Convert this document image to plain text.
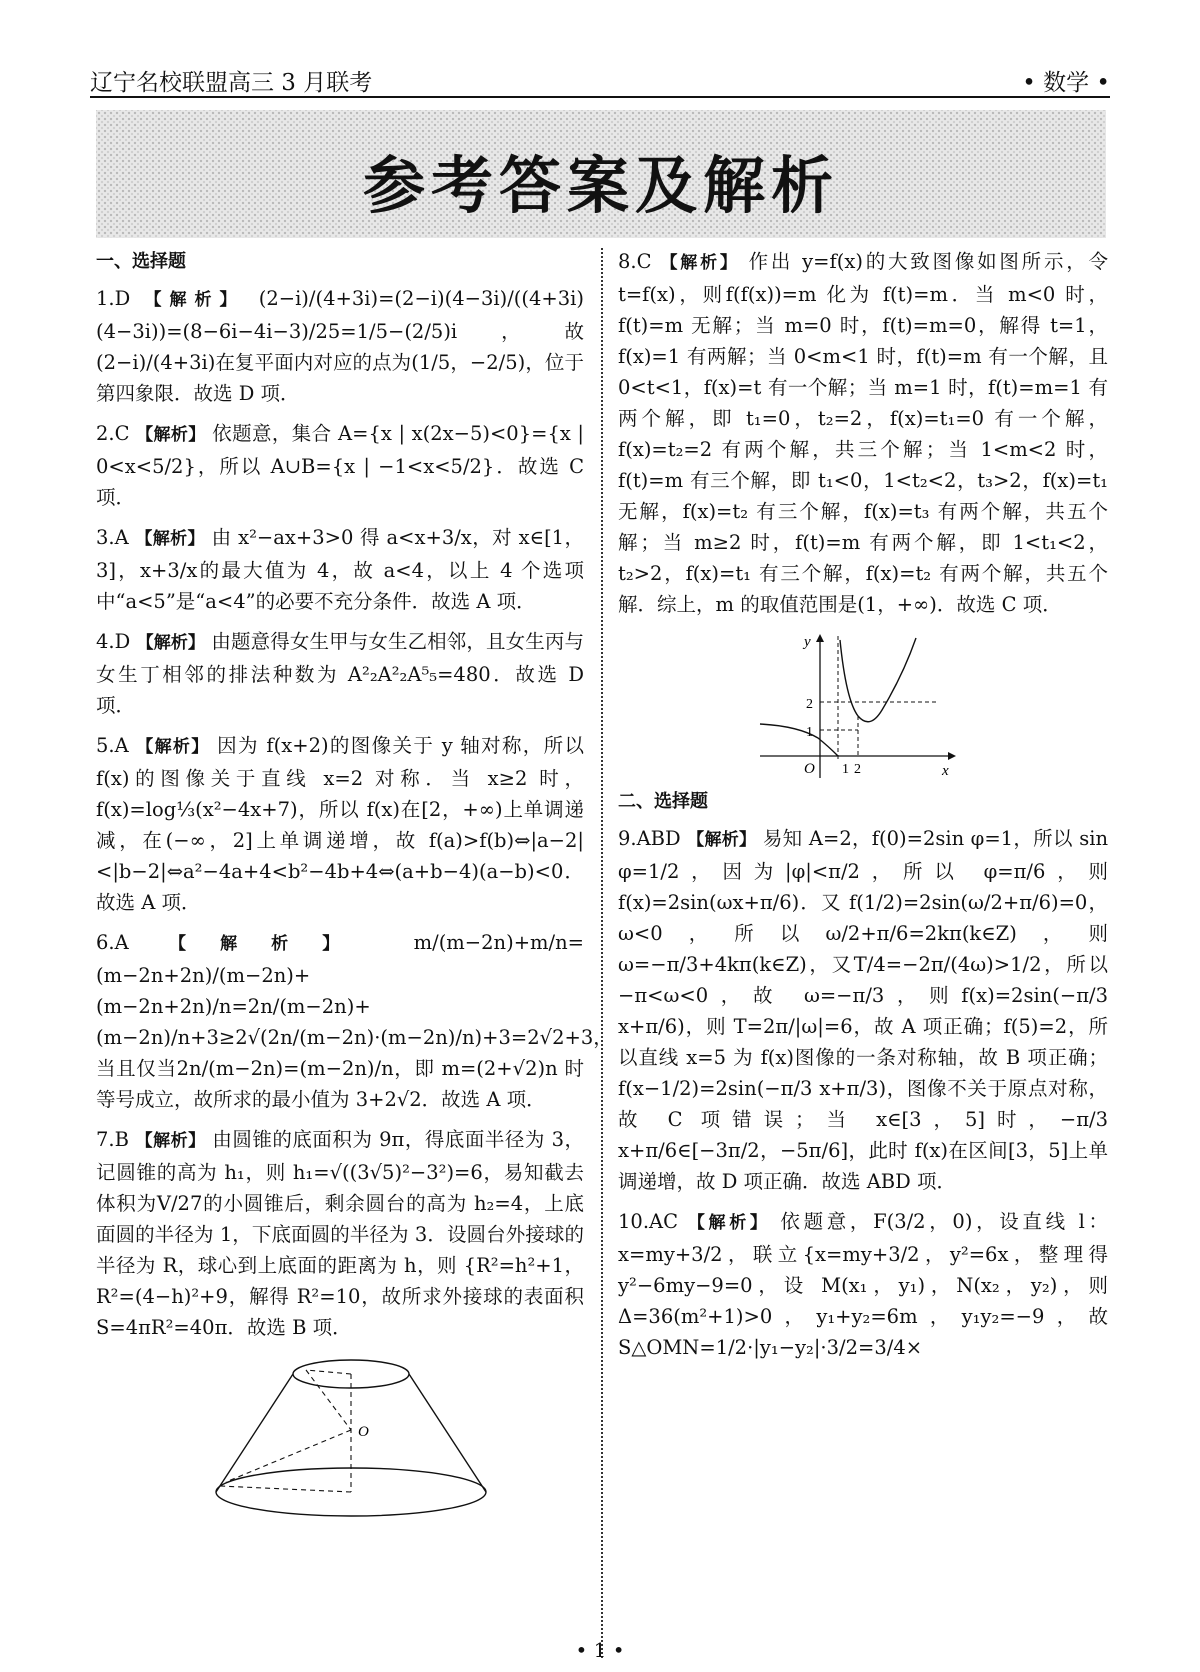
辽宁名校联盟高三 3 月联考	• 数学 •
参考答案及解析
一、选择题
1.D 【解析】 (2−i)/(4+3i)=(2−i)(4−3i)/((4+3i)(4−3i))=(8−6i−4i−3)/25=1/5−(2/5)i，故(2−i)/(4+3i)在复平面内对应的点为(1/5，−2/5)，位于第四象限．故选 D 项．
2.C 【解析】 依题意，集合 A={x | x(2x−5)<0}={x | 0<x<5/2}，所以 A∪B={x | −1<x<5/2}．故选 C 项．
3.A 【解析】 由 x²−ax+3>0 得 a<x+3/x，对 x∈[1，3]，x+3/x的最大值为 4，故 a<4，以上 4 个选项中“a<5”是“a<4”的必要不充分条件．故选 A 项．
4.D 【解析】 由题意得女生甲与女生乙相邻，且女生丙与女生丁相邻的排法种数为 A²₂A²₂A⁵₅=480．故选 D 项．
5.A 【解析】 因为 f(x+2)的图像关于 y 轴对称，所以 f(x)的图像关于直线 x=2 对称．当 x≥2 时，f(x)=log⅓(x²−4x+7)，所以 f(x)在[2，+∞)上单调递减，在(−∞，2]上单调递增，故 f(a)>f(b)⇔|a−2|<|b−2|⇔a²−4a+4<b²−4b+4⇔(a+b−4)(a−b)<0．故选 A 项．
6.A 【解析】 m/(m−2n)+m/n=(m−2n+2n)/(m−2n)+(m−2n+2n)/n=2n/(m−2n)+(m−2n)/n+3≥2√(2n/(m−2n)·(m−2n)/n)+3=2√2+3，当且仅当2n/(m−2n)=(m−2n)/n，即 m=(2+√2)n 时等号成立，故所求的最小值为 3+2√2．故选 A 项．
7.B 【解析】 由圆锥的底面积为 9π，得底面半径为 3，记圆锥的高为 h₁，则 h₁=√((3√5)²−3²)=6，易知截去体积为V/27的小圆锥后，剩余圆台的高为 h₂=4，上底面圆的半径为 1，下底面圆的半径为 3．设圆台外接球的半径为 R，球心到上底面的距离为 h，则 {R²=h²+1，R²=(4−h)²+9，解得 R²=10，故所求外接球的表面积 S=4πR²=40π．故选 B 项．
O
8.C 【解析】 作出 y=f(x)的大致图像如图所示，令 t=f(x)，则f(f(x))=m 化为 f(t)=m．当 m<0 时，f(t)=m 无解；当 m=0 时，f(t)=m=0，解得 t=1，f(x)=1 有两解；当 0<m<1 时，f(t)=m 有一个解，且 0<t<1，f(x)=t 有一个解；当 m=1 时，f(t)=m=1 有两个解，即 t₁=0，t₂=2，f(x)=t₁=0 有一个解，f(x)=t₂=2 有两个解，共三个解；当 1<m<2 时，f(t)=m 有三个解，即 t₁<0，1<t₂<2，t₃>2，f(x)=t₁ 无解，f(x)=t₂ 有三个解，f(x)=t₃ 有两个解，共五个解；当 m≥2 时，f(t)=m 有两个解，即 1<t₁<2，t₂>2，f(x)=t₁ 有三个解，f(x)=t₂ 有两个解，共五个解．综上，m 的取值范围是(1，+∞)．故选 C 项．
y
x
O
2
1
1 2
二、选择题
9.ABD 【解析】 易知 A=2，f(0)=2sin φ=1，所以 sin φ=1/2，因为|φ|<π/2，所以 φ=π/6，则 f(x)=2sin(ωx+π/6)．又 f(1/2)=2sin(ω/2+π/6)=0，ω<0，所以ω/2+π/6=2kπ(k∈Z)，则 ω=−π/3+4kπ(k∈Z)，又T/4=−2π/(4ω)>1/2，所以−π<ω<0，故 ω=−π/3，则f(x)=2sin(−π/3 x+π/6)，则 T=2π/|ω|=6，故 A 项正确；f(5)=2，所以直线 x=5 为 f(x)图像的一条对称轴，故 B 项正确；f(x−1/2)=2sin(−π/3 x+π/3)，图像不关于原点对称，故 C 项错误；当 x∈[3，5]时，−π/3 x+π/6∈[−3π/2，−5π/6]，此时 f(x)在区间[3，5]上单调递增，故 D 项正确．故选 ABD 项．
10.AC 【解析】 依题意，F(3/2，0)，设直线 l：x=my+3/2，联立{x=my+3/2，y²=6x，整理得 y²−6my−9=0，设 M(x₁，y₁)，N(x₂，y₂)，则 Δ=36(m²+1)>0，y₁+y₂=6m，y₁y₂=−9，故 S△OMN=1/2·|y₁−y₂|·3/2=3/4×
• 1 •
